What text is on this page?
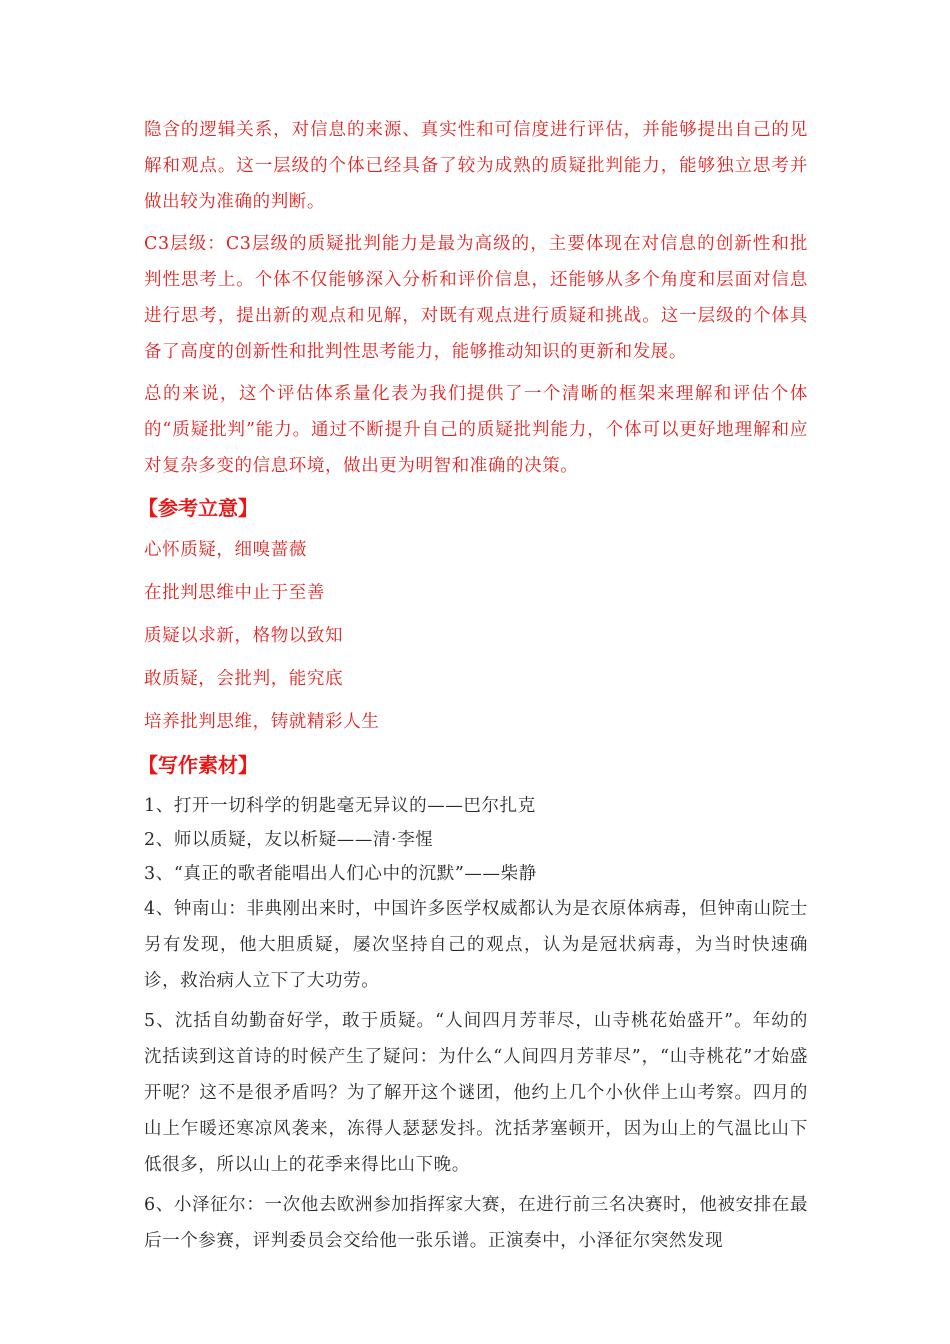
隐含的逻辑关系，对信息的来源、真实性和可信度进行评估，并能够提出自己的见解和观点。这一层级的个体已经具备了较为成熟的质疑批判能力，能够独立思考并做出较为准确的判断。

C3层级：C3层级的质疑批判能力是最为高级的，主要体现在对信息的创新性和批判性思考上。个体不仅能够深入分析和评价信息，还能够从多个角度和层面对信息进行思考，提出新的观点和见解，对既有观点进行质疑和挑战。这一层级的个体具备了高度的创新性和批判性思考能力，能够推动知识的更新和发展。

总的来说，这个评估体系量化表为我们提供了一个清晰的框架来理解和评估个体的“质疑批判”能力。通过不断提升自己的质疑批判能力，个体可以更好地理解和应对复杂多变的信息环境，做出更为明智和准确的决策。

【参考立意】

心怀质疑，细嗅蔷薇

在批判思维中止于至善

质疑以求新，格物以致知

敢质疑，会批判，能究底

培养批判思维，铸就精彩人生

【写作素材】

1、打开一切科学的钥匙毫无异议的——巴尔扎克

2、师以质疑，友以析疑——清·李惺

3、“真正的歌者能唱出人们心中的沉默”——柴静

4、钟南山：非典刚出来时，中国许多医学权威都认为是衣原体病毒，但钟南山院士另有发现，他大胆质疑，屡次坚持自己的观点，认为是冠状病毒，为当时快速确诊，救治病人立下了大功劳。

5、沈括自幼勤奋好学，敢于质疑。“人间四月芳菲尽，山寺桃花始盛开”。年幼的沈括读到这首诗的时候产生了疑问：为什么“人间四月芳菲尽”，“山寺桃花”才始盛开呢？这不是很矛盾吗？为了解开这个谜团，他约上几个小伙伴上山考察。四月的山上乍暖还寒凉风袭来，冻得人瑟瑟发抖。沈括茅塞顿开，因为山上的气温比山下低很多，所以山上的花季来得比山下晚。

6、小泽征尔：一次他去欧洲参加指挥家大赛，在进行前三名决赛时，他被安排在最后一个参赛，评判委员会交给他一张乐谱。正演奏中，小泽征尔突然发现
